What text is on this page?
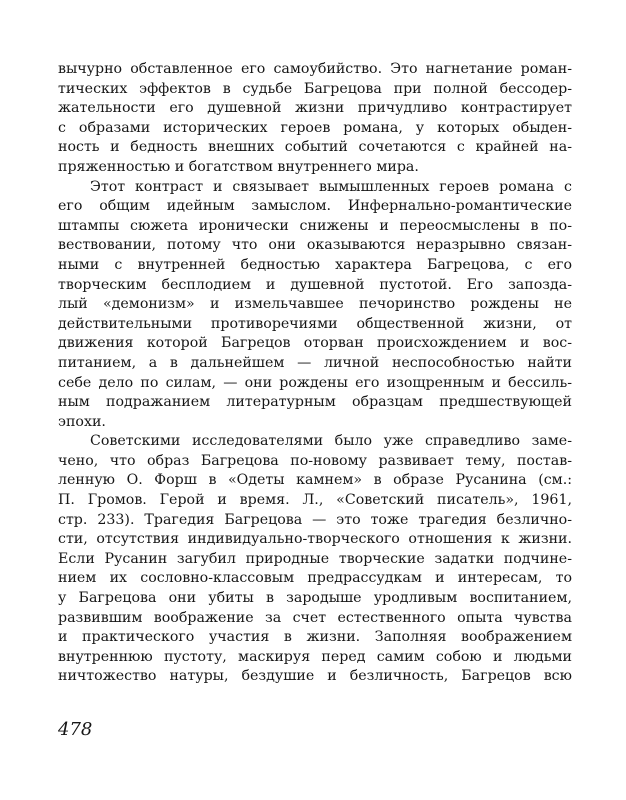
вычурно обставленное его самоубийство. Это нагнетание роман-
тических эффектов в судьбе Багрецова при полной бессодер-
жательности его душевной жизни причудливо контрастирует
с образами исторических героев романа, у которых обыден-
ность и бедность внешних событий сочетаются с крайней на-
пряженностью и богатством внутреннего мира.
Этот контраст и связывает вымышленных героев романа с
его общим идейным замыслом. Инфернально-романтические
штампы сюжета иронически снижены и переосмыслены в по-
вествовании, потому что они оказываются неразрывно связан-
ными с внутренней бедностью характера Багрецова, с его
творческим бесплодием и душевной пустотой. Его запозда-
лый «демонизм» и измельчавшее печоринство рождены не
действительными противоречиями общественной жизни, от
движения которой Багрецов оторван происхождением и вос-
питанием, а в дальнейшем — личной неспособностью найти
себе дело по силам, — они рождены его изощренным и бессиль-
ным подражанием литературным образцам предшествующей
эпохи.
Советскими исследователями было уже справедливо заме-
чено, что образ Багрецова по-новому развивает тему, постав-
ленную О. Форш в «Одеты камнем» в образе Русанина (см.:
П. Громов. Герой и время. Л., «Советский писатель», 1961,
стр. 233). Трагедия Багрецова — это тоже трагедия безлично-
сти, отсутствия индивидуально-творческого отношения к жизни.
Если Русанин загубил природные творческие задатки подчине-
нием их сословно-классовым предрассудкам и интересам, то
у Багрецова они убиты в зародыше уродливым воспитанием,
развившим воображение за счет естественного опыта чувства
и практического участия в жизни. Заполняя воображением
внутреннюю пустоту, маскируя перед самим собою и людьми
ничтожество натуры, бездушие и безличность, Багрецов всю
478
